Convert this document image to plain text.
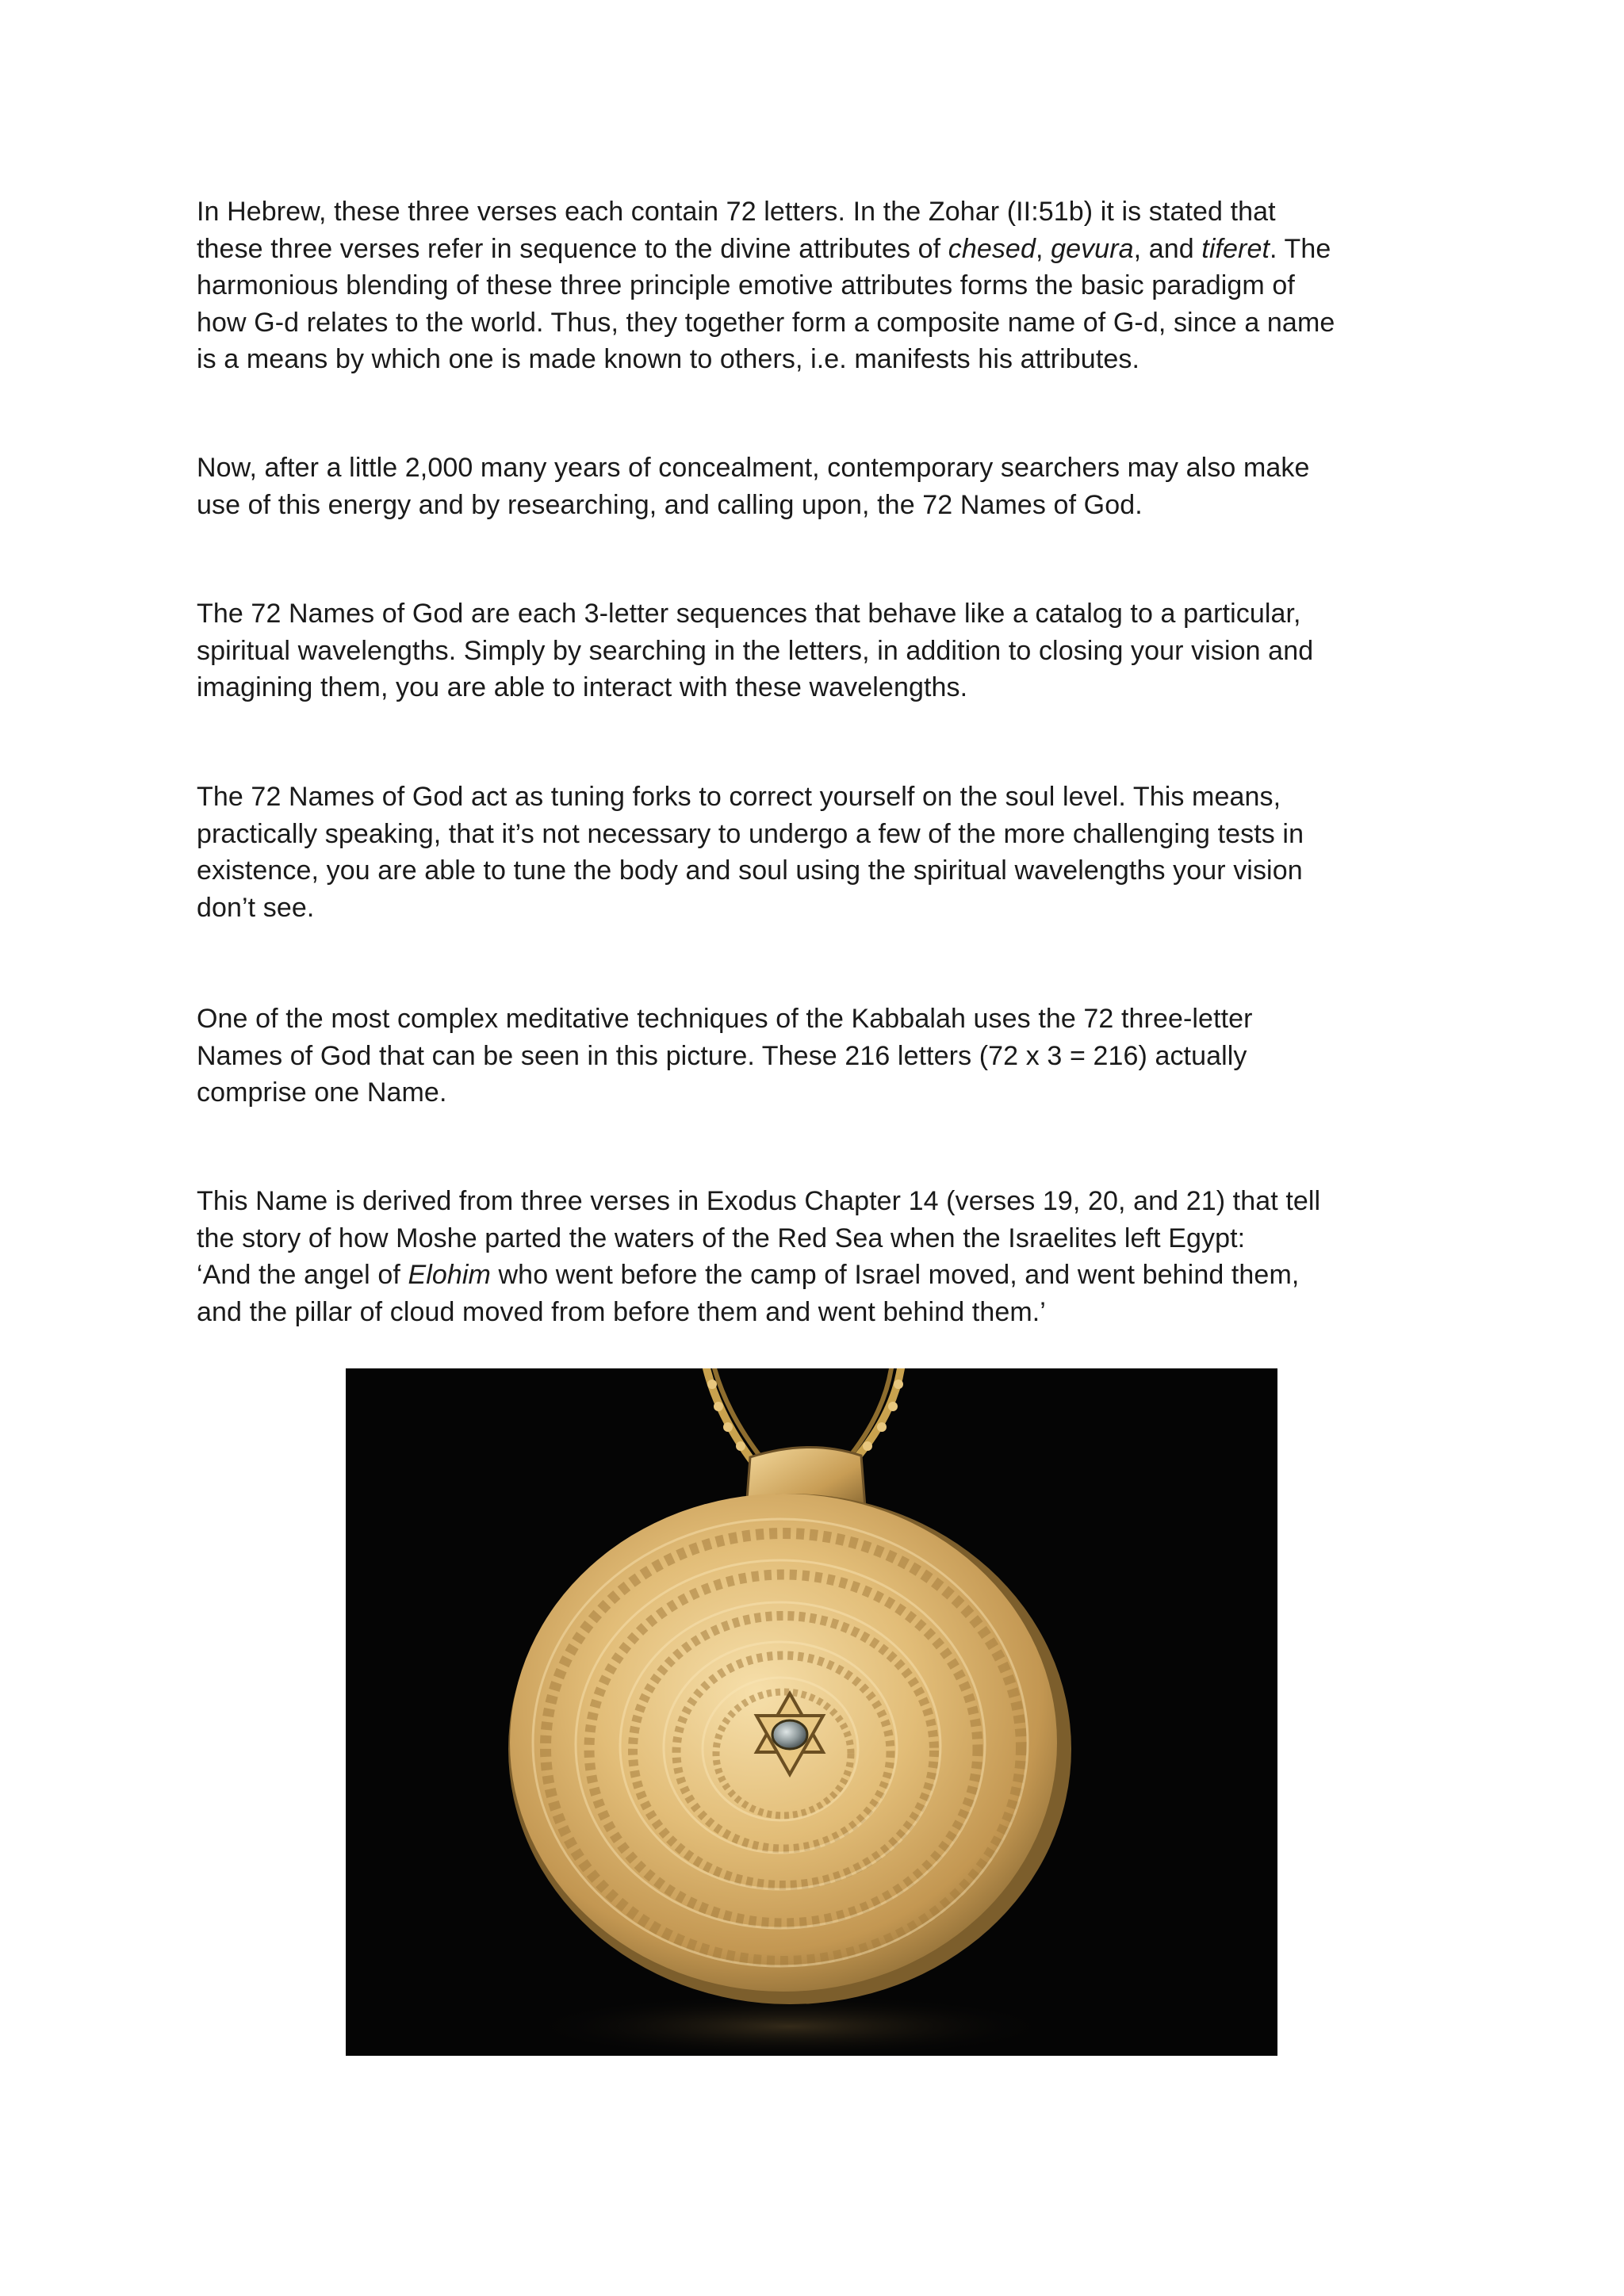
In Hebrew, these three verses each contain 72 letters. In the Zohar (II:51b) it is stated that
these three verses refer in sequence to the divine attributes of chesed, gevura, and tiferet. The
harmonious blending of these three principle emotive attributes forms the basic paradigm of
how G-d relates to the world. Thus, they together form a composite name of G-d, since a name
is a means by which one is made known to others, i.e. manifests his attributes.
Now, after a little 2,000 many years of concealment, contemporary searchers may also make
use of this energy and by researching, and calling upon, the 72 Names of God.
The 72 Names of God are each 3-letter sequences that behave like a catalog to a particular,
spiritual wavelengths. Simply by searching in the letters, in addition to closing your vision and
imagining them, you are able to interact with these wavelengths.
The 72 Names of God act as tuning forks to correct yourself on the soul level. This means,
practically speaking, that it’s not necessary to undergo a few of the more challenging tests in
existence, you are able to tune the body and soul using the spiritual wavelengths your vision
don’t see.
One of the most complex meditative techniques of the Kabbalah uses the 72 three-letter
Names of God that can be seen in this picture. These 216 letters (72 x 3 = 216) actually
comprise one Name.
This Name is derived from three verses in Exodus Chapter 14 (verses 19, 20, and 21) that tell
the story of how Moshe parted the waters of the Red Sea when the Israelites left Egypt:
‘And the angel of Elohim who went before the camp of Israel moved, and went behind them,
and the pillar of cloud moved from before them and went behind them.’
